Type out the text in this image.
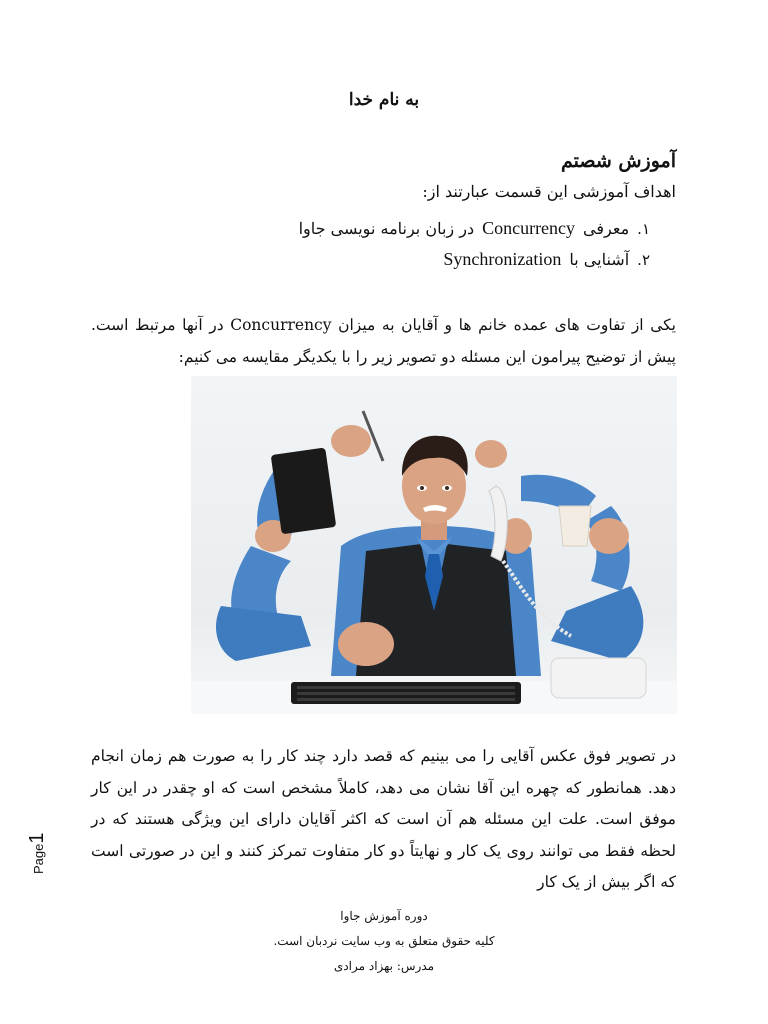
به نام خدا
آموزش شصتم
اهداف آموزشی این قسمت عبارتند از:
۱.
معرفی
Concurrency
در زبان برنامه نویسی جاوا
۲.
آشنایی با
Synchronization
یکی از تفاوت های عمده خانم ها و آقایان به میزان Concurrency در آنها مرتبط است. پیش از توضیح پیرامون این مسئله دو تصویر زیر را با یکدیگر مقایسه می کنیم:
در تصویر فوق عکس آقایی را می بینیم که قصد دارد چند کار را به صورت هم زمان انجام دهد. همانطور که چهره این آقا نشان می دهد، کاملاً مشخص است که او چقدر در این کار موفق است. علت این مسئله هم آن است که اکثر آقایان دارای این ویژگی هستند که در لحظه فقط می توانند روی یک کار و نهایتاً دو کار متفاوت تمرکز کنند و این در صورتی است که اگر بیش از یک کار
دوره آموزش جاوا
کلیه حقوق متعلق به وب سایت نردبان است.
مدرس: بهزاد مرادی
Page1
